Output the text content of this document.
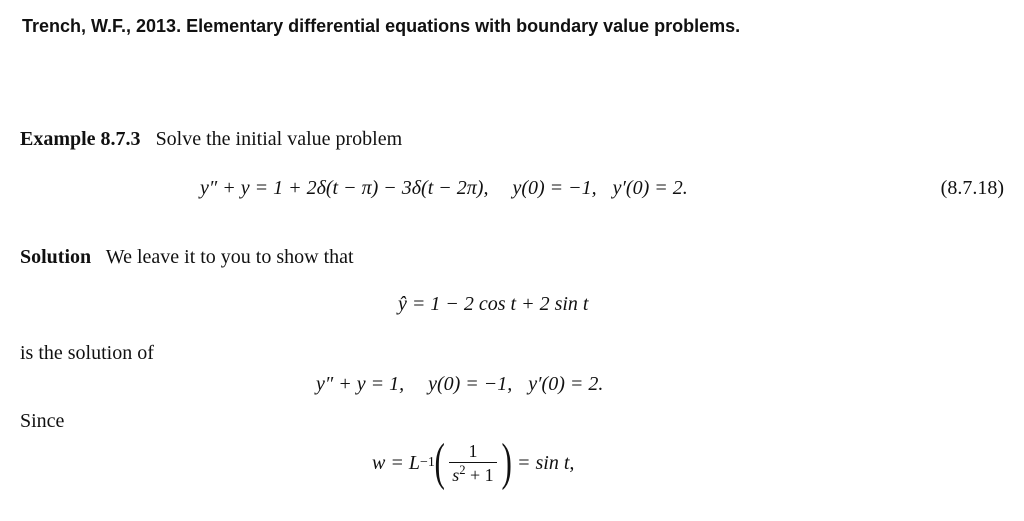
Trench, W.F., 2013. Elementary differential equations with boundary value problems.
Example 8.7.3 Solve the initial value problem
y″ + y = 1 + 2δ(t − π) − 3δ(t − 2π), y(0) = −1, y′(0) = 2.	(8.7.18)
Solution We leave it to you to show that
ŷ = 1 − 2 cos t + 2 sin t
is the solution of
y″ + y = 1, y(0) = −1, y′(0) = 2.
Since
w = L −1 ( $\frac{1}{s^2 + 1}$ ) = sin t,
